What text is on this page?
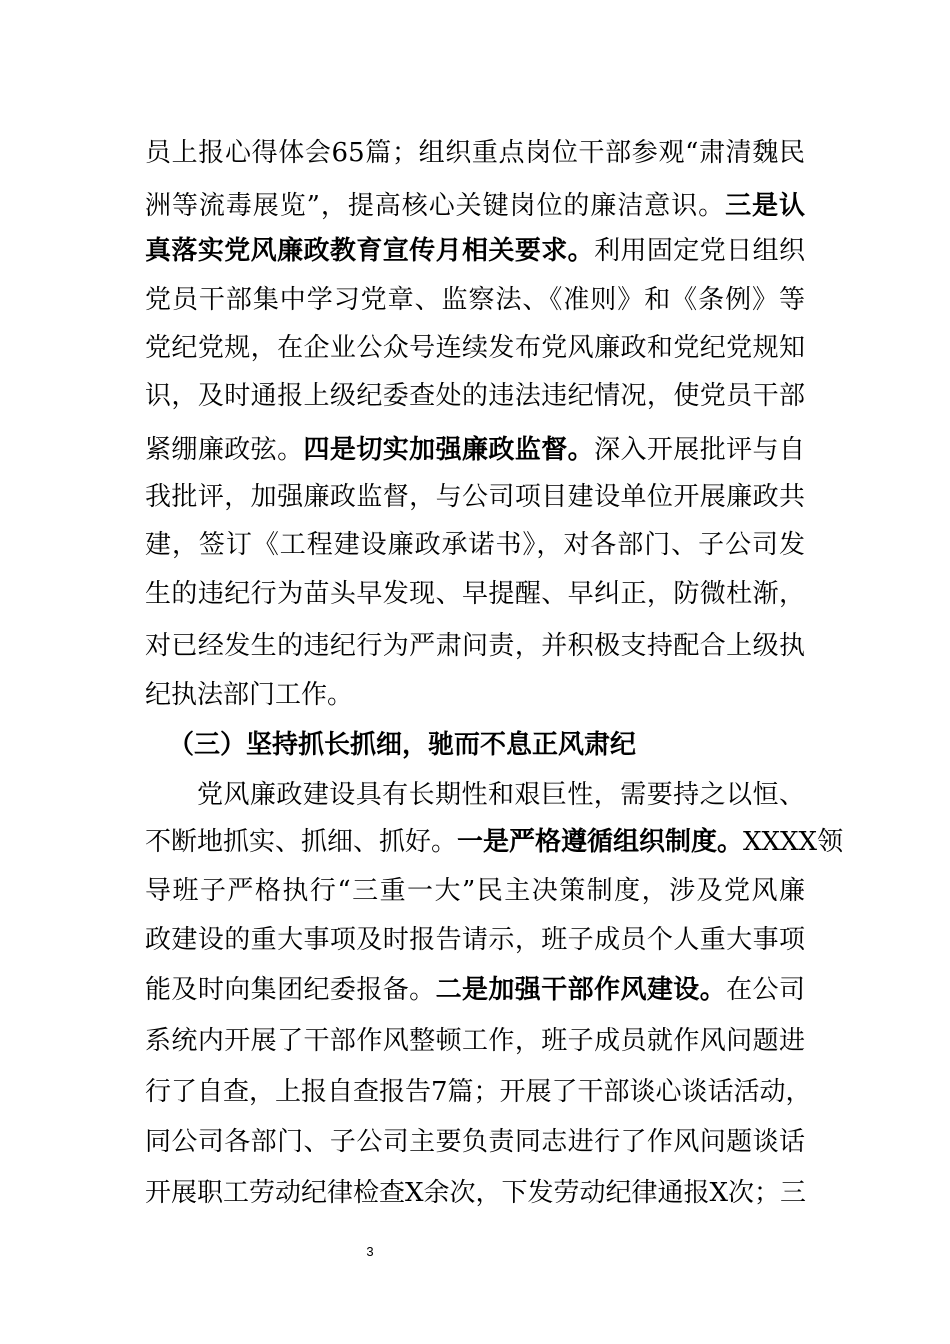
员上报心得体会65篇；组织重点岗位干部参观“肃清魏民
洲等流毒展览”，提高核心关键岗位的廉洁意识。三是认
真落实党风廉政教育宣传月相关要求。利用固定党日组织
党员干部集中学习党章、监察法、《准则》和《条例》等
党纪党规，在企业公众号连续发布党风廉政和党纪党规知
识，及时通报上级纪委查处的违法违纪情况，使党员干部
紧绷廉政弦。四是切实加强廉政监督。深入开展批评与自
我批评，加强廉政监督，与公司项目建设单位开展廉政共
建，签订《工程建设廉政承诺书》，对各部门、子公司发
生的违纪行为苗头早发现、早提醒、早纠正，防微杜渐，
对已经发生的违纪行为严肃问责，并积极支持配合上级执
纪执法部门工作。
（三）坚持抓长抓细，驰而不息正风肃纪
党风廉政建设具有长期性和艰巨性，需要持之以恒、
不断地抓实、抓细、抓好。一是严格遵循组织制度。XXXX领
导班子严格执行“三重一大”民主决策制度，涉及党风廉
政建设的重大事项及时报告请示，班子成员个人重大事项
能及时向集团纪委报备。二是加强干部作风建设。在公司
系统内开展了干部作风整顿工作，班子成员就作风问题进
行了自查，上报自查报告7篇；开展了干部谈心谈话活动，
同公司各部门、子公司主要负责同志进行了作风问题谈话
开展职工劳动纪律检查X余次，下发劳动纪律通报X次；三
3
